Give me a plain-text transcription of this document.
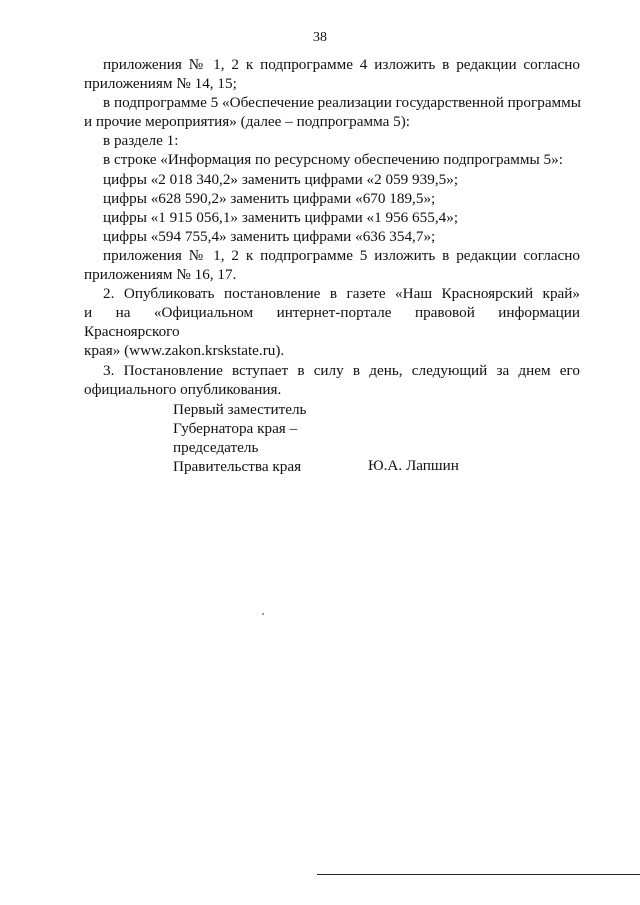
38
приложения № 1, 2 к подпрограмме 4 изложить в редакции согласно
приложениям № 14, 15;
в подпрограмме 5 «Обеспечение реализации государственной программы
и прочие мероприятия» (далее – подпрограмма 5):
в разделе 1:
в строке «Информация по ресурсному обеспечению подпрограммы 5»:
цифры «2 018 340,2» заменить цифрами «2 059 939,5»;
цифры «628 590,2» заменить цифрами «670 189,5»;
цифры «1 915 056,1» заменить цифрами «1 956 655,4»;
цифры «594 755,4» заменить цифрами «636 354,7»;
приложения № 1, 2 к подпрограмме 5 изложить в редакции согласно
приложениям № 16, 17.
2. Опубликовать постановление в газете «Наш Красноярский край»
и на «Официальном интернет-портале правовой информации Красноярского
края» (www.zakon.krskstate.ru).
3. Постановление вступает в силу в день, следующий за днем его
официального опубликования.
Первый заместитель
Губернатора края –
председатель
Правительства края	Ю.А. Лапшин
